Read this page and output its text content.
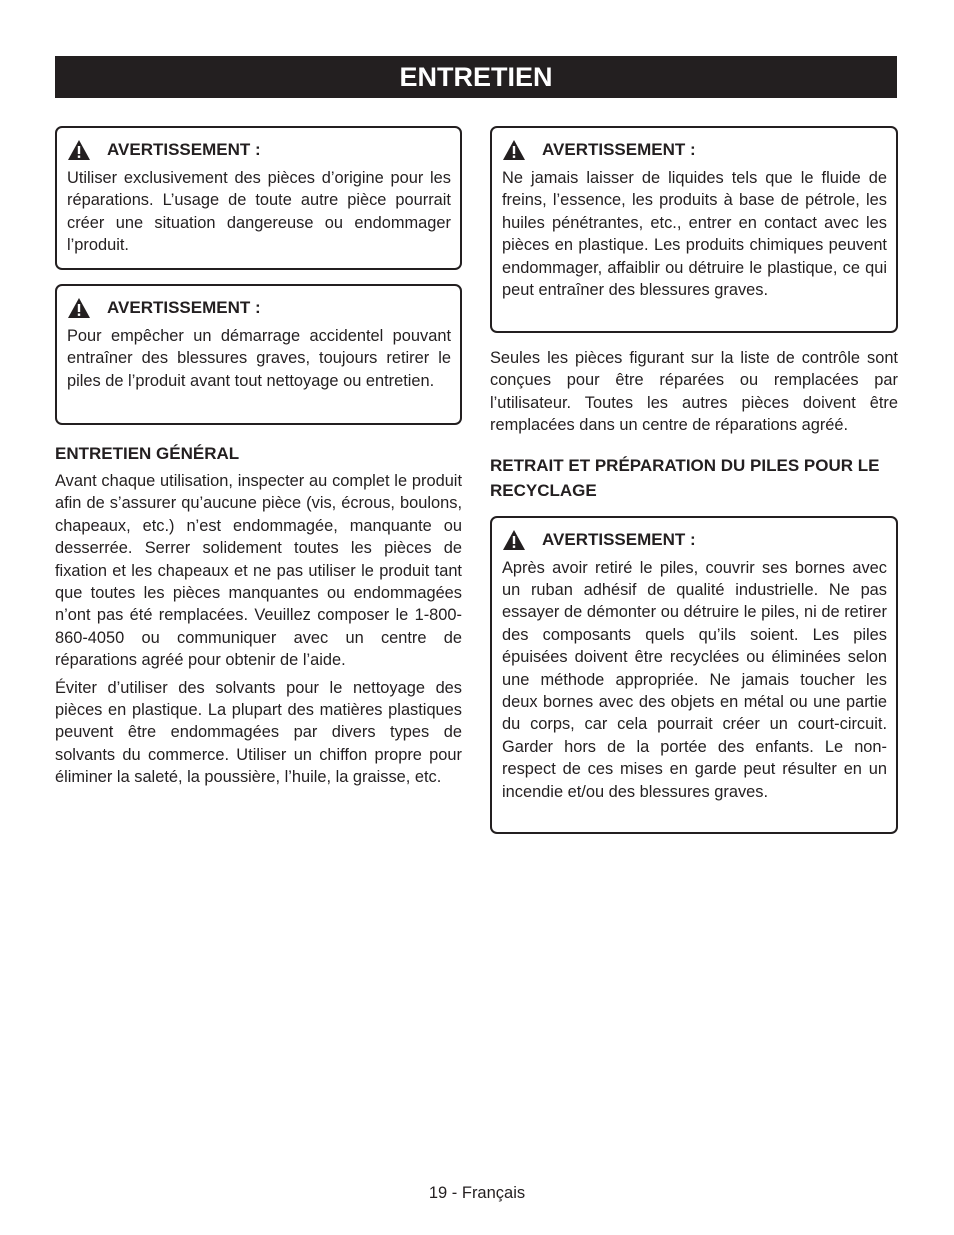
ENTRETIEN
AVERTISSEMENT :

Utiliser exclusivement des pièces d’origine pour les réparations. L’usage de toute autre pièce pourrait créer une situation dangereuse ou endommager l’produit.

AVERTISSEMENT :

Pour empêcher un démarrage accidentel pouvant entraîner des blessures graves, toujours retirer le piles de l’produit avant tout nettoyage ou entretien.

ENTRETIEN GÉNÉRAL

Avant chaque utilisation, inspecter au complet le produit afin de s’assurer qu’aucune pièce (vis, écrous, boulons, chapeaux, etc.) n’est endommagée, manquante ou desserrée. Serrer solidement toutes les pièces de fixation et les chapeaux et ne pas utiliser le produit tant que toutes les pièces manquantes ou endommagées n’ont pas été remplacées. Veuillez composer le 1-800-860-4050 ou communiquer avec un centre de réparations agréé pour obtenir de l’aide.

Éviter d’utiliser des solvants pour le nettoyage des pièces en plastique. La plupart des matières plastiques peuvent être endommagées par divers types de solvants du commerce. Utiliser un chiffon propre pour éliminer la saleté, la poussière, l’huile, la graisse, etc.

AVERTISSEMENT :

Ne jamais laisser de liquides tels que le fluide de freins, l’essence, les produits à base de pétrole, les huiles pénétrantes, etc., entrer en contact avec les pièces en plastique. Les produits chimiques peuvent endommager, affaiblir ou détruire le plastique, ce qui peut entraîner des blessures graves.

Seules les pièces figurant sur la liste de contrôle sont conçues pour être réparées ou remplacées par l’utilisateur. Toutes les autres pièces doivent être remplacées dans un centre de réparations agréé.

RETRAIT ET PRÉPARATION DU PILES POUR LE RECYCLAGE
AVERTISSEMENT :

Après avoir retiré le piles, couvrir ses bornes avec un ruban adhésif de qualité industrielle. Ne pas essayer de démonter ou détruire le piles, ni de retirer des composants quels qu’ils soient. Les piles épuisées doivent être recyclées ou éliminées selon une méthode appropriée. Ne jamais toucher les deux bornes avec des objets en métal ou une partie du corps, car cela pourrait créer un court-circuit. Garder hors de la portée des enfants. Le non-respect de ces mises en garde peut résulter en un incendie et/ou des blessures graves.

19 - Français
